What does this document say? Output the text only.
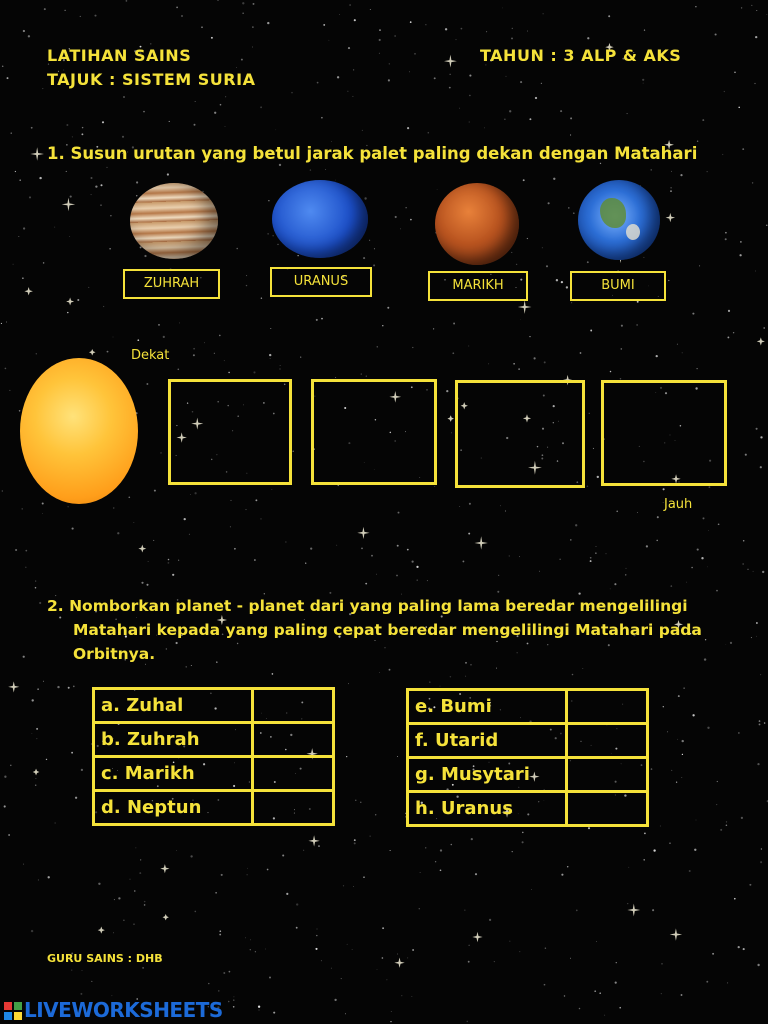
LATIHAN SAINS
TAJUK : SISTEM SURIA
TAHUN : 3 ALP & AKS
1. Susun urutan yang betul jarak palet paling dekan dengan Matahari
ZUHRAH	URANUS	MARIKH	BUMI
Dekat
Jauh
2. Nomborkan planet - planet dari yang paling lama beredar mengelilingi
Matahari kepada yang paling cepat beredar mengelilingi Matahari pada
Orbitnya.
a. Zuhal	
b. Zuhrah	
c. Marikh	
d. Neptun	
e. Bumi	
f. Utarid	
g. Musytari	
h. Uranus	
GURU SAINS : DHB
LIVEWORKSHEETS
